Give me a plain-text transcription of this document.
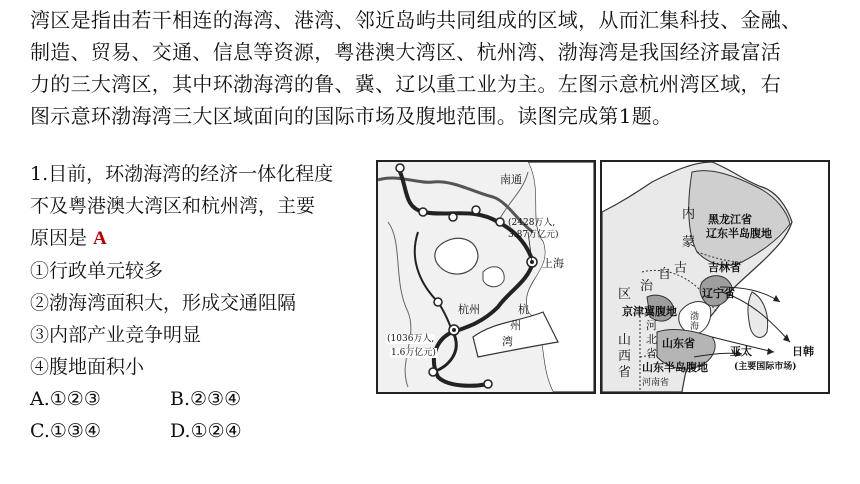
湾区是指由若干相连的海湾、港湾、邻近岛屿共同组成的区域，从而汇集科技、金融、
制造、贸易、交通、信息等资源，粤港澳大湾区、杭州湾、渤海湾是我国经济最富活
力的三大湾区，其中环渤海湾的鲁、冀、辽以重工业为主。左图示意杭州湾区域，右
图示意环渤海湾三大区域面向的国际市场及腹地范围。读图完成第1题。
1.目前，环渤海湾的经济一体化程度
不及粤港澳大湾区和杭州湾，主要
原因是 A
①行政单元较多
②渤海湾面积大，形成交通阻隔
③内部产业竞争明显
④腹地面积小
A.①②③	B.②③④
C.①③④	D.①②④
南通
(2428万人,
3.87万亿元)
上海
杭州	杭
州
湾
(1036万人,
1.6万亿元)
内
蒙
古
自
治
区
黑龙江省
辽东半岛腹地
吉林省
辽宁省
京津冀腹地
河
北
省
渤
海
山
西
省
山东省
山东半岛腹地
河南省
亚太	日韩
(主要国际市场)
